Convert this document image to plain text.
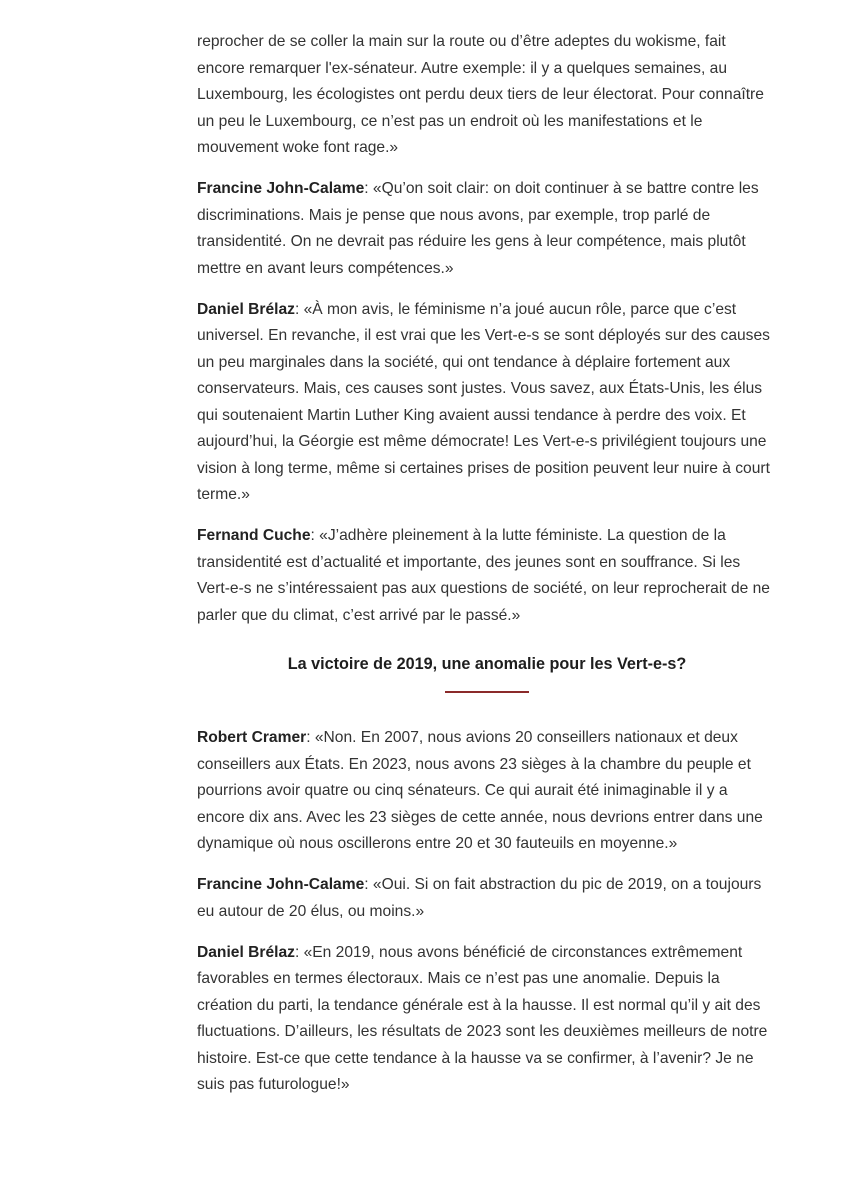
reprocher de se coller la main sur la route ou d’être adeptes du wokisme, fait encore remarquer l'ex-sénateur. Autre exemple: il y a quelques semaines, au Luxembourg, les écologistes ont perdu deux tiers de leur électorat. Pour connaître un peu le Luxembourg, ce n’est pas un endroit où les manifestations et le mouvement woke font rage.»

Francine John-Calame: «Qu’on soit clair: on doit continuer à se battre contre les discriminations. Mais je pense que nous avons, par exemple, trop parlé de transidentité. On ne devrait pas réduire les gens à leur compétence, mais plutôt mettre en avant leurs compétences.»

Daniel Brélaz: «À mon avis, le féminisme n’a joué aucun rôle, parce que c’est universel. En revanche, il est vrai que les Vert-e-s se sont déployés sur des causes un peu marginales dans la société, qui ont tendance à déplaire fortement aux conservateurs. Mais, ces causes sont justes. Vous savez, aux États-Unis, les élus qui soutenaient Martin Luther King avaient aussi tendance à perdre des voix. Et aujourd’hui, la Géorgie est même démocrate! Les Vert-e-s privilégient toujours une vision à long terme, même si certaines prises de position peuvent leur nuire à court terme.»

Fernand Cuche: «J’adhère pleinement à la lutte féministe. La question de la transidentité est d’actualité et importante, des jeunes sont en souffrance. Si les Vert-e-s ne s’intéressaient pas aux questions de société, on leur reprocherait de ne parler que du climat, c’est arrivé par le passé.»

La victoire de 2019, une anomalie pour les Vert-e-s?

Robert Cramer: «Non. En 2007, nous avions 20 conseillers nationaux et deux conseillers aux États. En 2023, nous avons 23 sièges à la chambre du peuple et pourrions avoir quatre ou cinq sénateurs. Ce qui aurait été inimaginable il y a encore dix ans. Avec les 23 sièges de cette année, nous devrions entrer dans une dynamique où nous oscillerons entre 20 et 30 fauteuils en moyenne.»

Francine John-Calame: «Oui. Si on fait abstraction du pic de 2019, on a toujours eu autour de 20 élus, ou moins.»

Daniel Brélaz: «En 2019, nous avons bénéficié de circonstances extrêmement favorables en termes électoraux. Mais ce n’est pas une anomalie. Depuis la création du parti, la tendance générale est à la hausse. Il est normal qu’il y ait des fluctuations. D’ailleurs, les résultats de 2023 sont les deuxièmes meilleurs de notre histoire. Est-ce que cette tendance à la hausse va se confirmer, à l’avenir? Je ne suis pas futurologue!»
